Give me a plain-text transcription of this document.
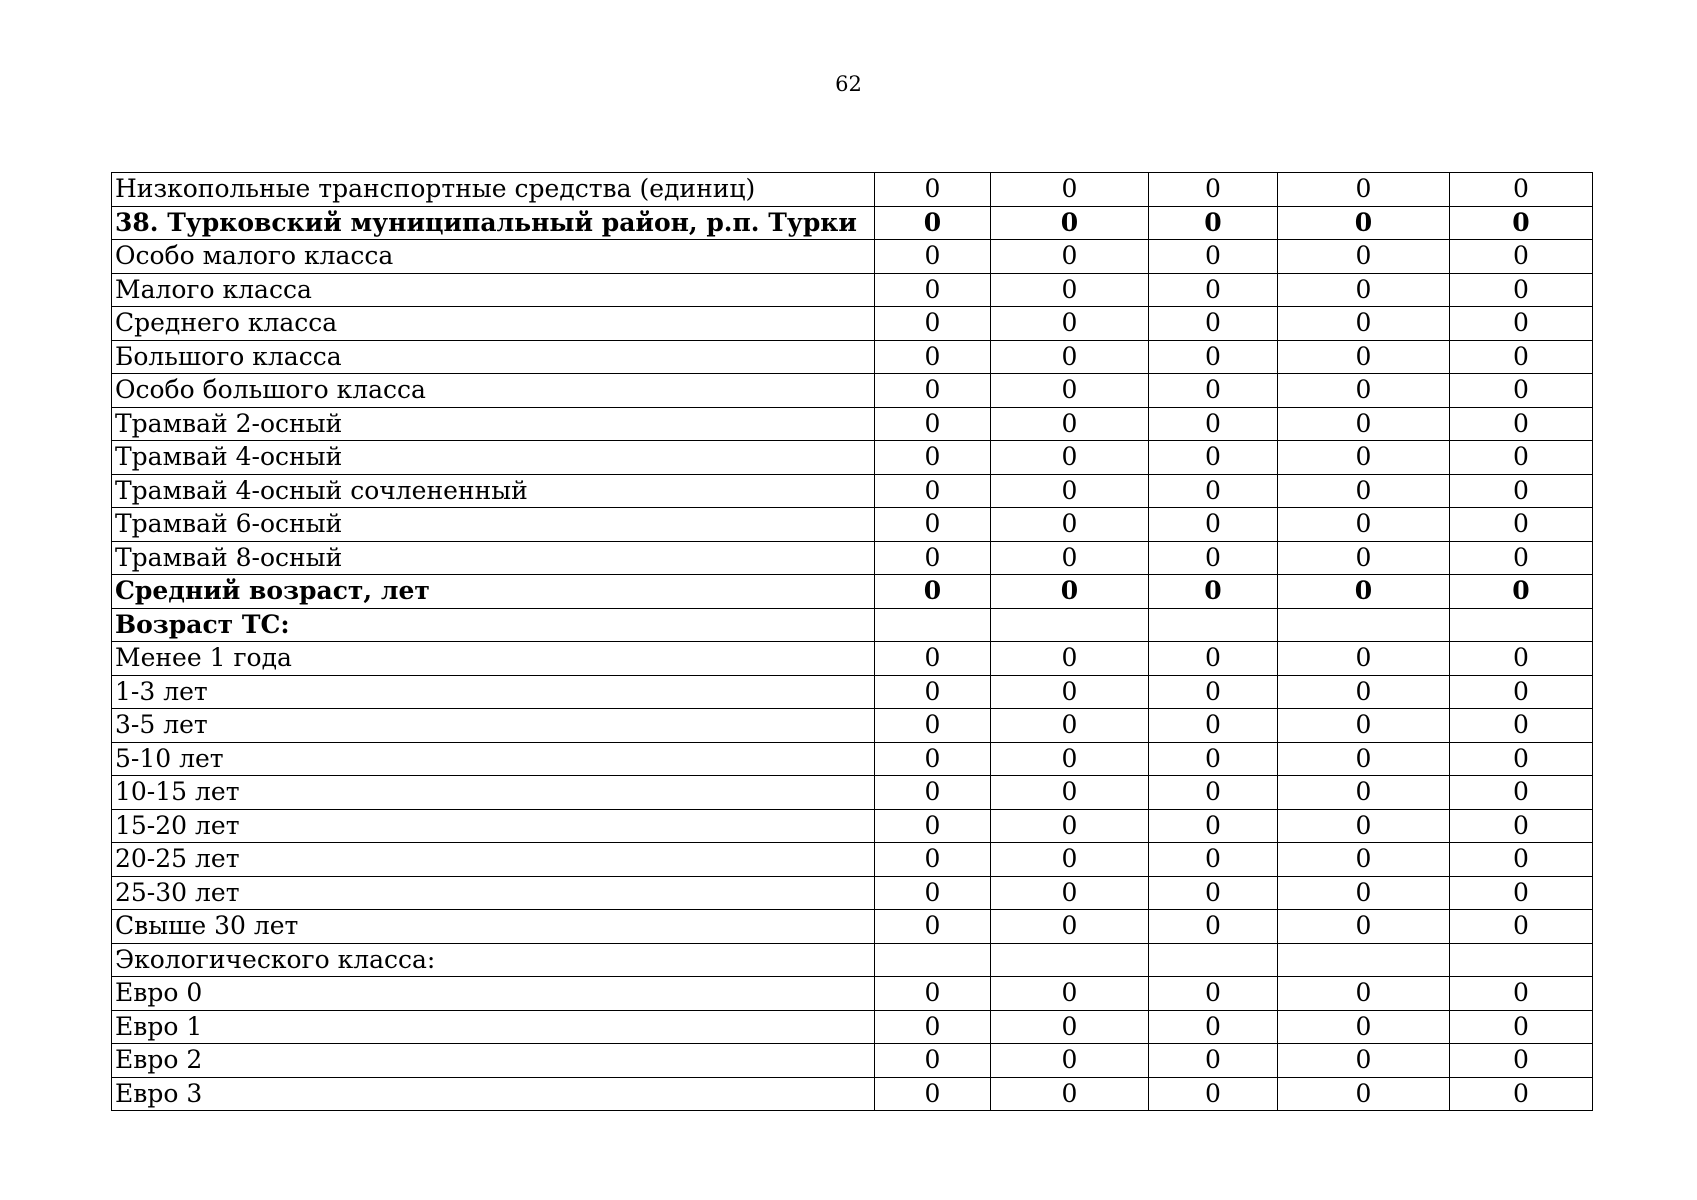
62
Низкопольные транспортные средства (единиц)	0	0	0	0	0
38. Турковский муниципальный район, р.п. Турки	0	0	0	0	0
Особо малого класса	0	0	0	0	0
Малого класса	0	0	0	0	0
Среднего класса	0	0	0	0	0
Большого класса	0	0	0	0	0
Особо большого класса	0	0	0	0	0
Трамвай 2-осный	0	0	0	0	0
Трамвай 4-осный	0	0	0	0	0
Трамвай 4-осный сочлененный	0	0	0	0	0
Трамвай 6-осный	0	0	0	0	0
Трамвай 8-осный	0	0	0	0	0
Средний возраст, лет	0	0	0	0	0
Возраст ТС:					
Менее 1 года	0	0	0	0	0
1-3 лет	0	0	0	0	0
3-5 лет	0	0	0	0	0
5-10 лет	0	0	0	0	0
10-15 лет	0	0	0	0	0
15-20 лет	0	0	0	0	0
20-25 лет	0	0	0	0	0
25-30 лет	0	0	0	0	0
Свыше 30 лет	0	0	0	0	0
Экологического класса:					
Евро 0	0	0	0	0	0
Евро 1	0	0	0	0	0
Евро 2	0	0	0	0	0
Евро 3	0	0	0	0	0
